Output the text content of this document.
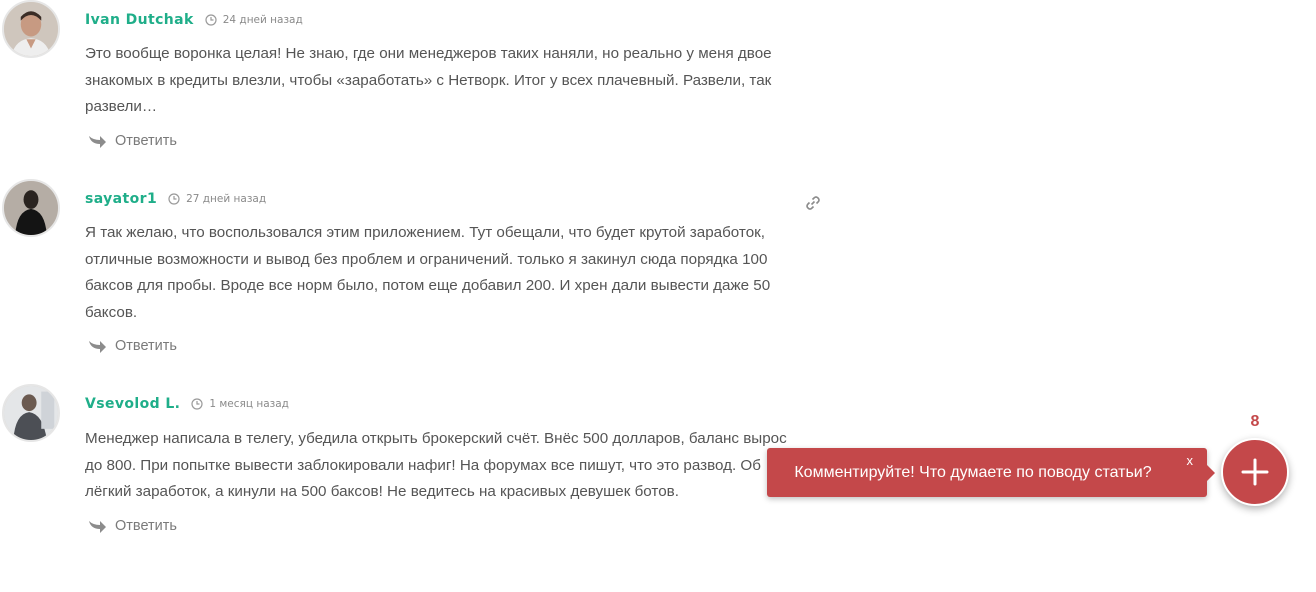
Ivan Dutchak	24 дней назад
Это вообще воронка целая! Не знаю, где они менеджеров таких наняли, но реально у меня двое
знакомых в кредиты влезли, чтобы «заработать» с Нетворк. Итог у всех плачевный. Развели, так
развели…
Ответить
sayator1	27 дней назад
Я так желаю, что воспользовался этим приложением. Тут обещали, что будет крутой заработок,
отличные возможности и вывод без проблем и ограничений. только я закинул сюда порядка 100
баксов для пробы. Вроде все норм было, потом еще добавил 200. И хрен дали вывести даже 50
баксов.
Ответить
Vsevolod L.	1 месяц назад
Менеджер написала в телегу, убедила открыть брокерский счёт. Внёс 500 долларов, баланс вырос
до 800. При попытке вывести заблокировали нафиг! На форумах все пишут, что это развод. Об
лёгкий заработок, а кинули на 500 баксов! Не ведитесь на красивых девушек ботов.
Ответить
Комментируйте! Что думаете по поводу статьи?
x
8
